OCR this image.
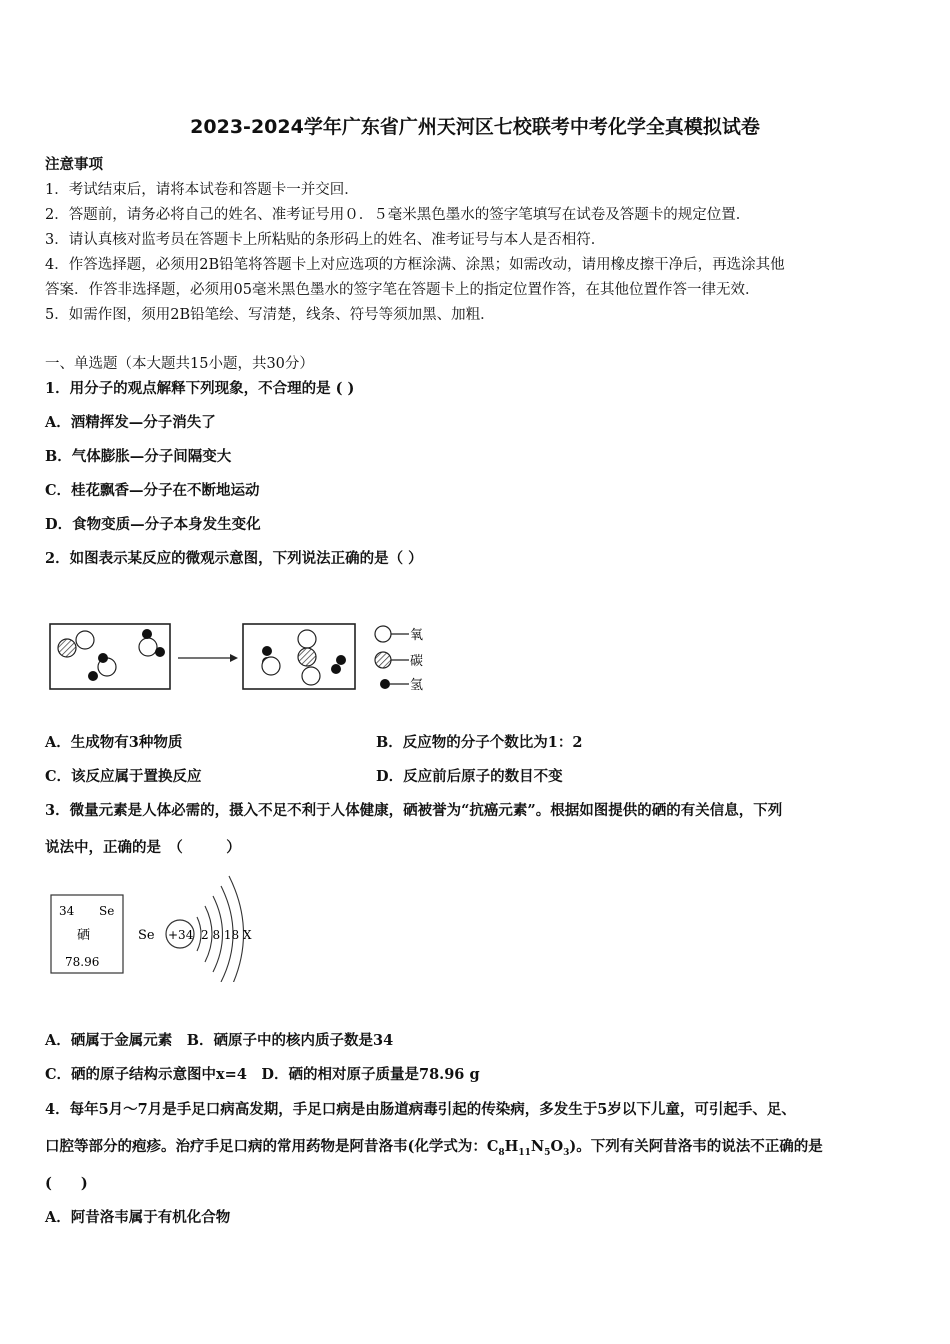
2023-2024学年广东省广州天河区七校联考中考化学全真模拟试卷
注意事项
1．考试结束后，请将本试卷和答题卡一并交回．
2．答题前，请务必将自己的姓名、准考证号用０．５毫米黑色墨水的签字笔填写在试卷及答题卡的规定位置．
3．请认真核对监考员在答题卡上所粘贴的条形码上的姓名、准考证号与本人是否相符．
4．作答选择题，必须用2B铅笔将答题卡上对应选项的方框涂满、涂黑；如需改动，请用橡皮擦干净后，再选涂其他
答案．作答非选择题，必须用05毫米黑色墨水的签字笔在答题卡上的指定位置作答，在其他位置作答一律无效．
5．如需作图，须用2B铅笔绘、写清楚，线条、符号等须加黑、加粗．
一、单选题（本大题共15小题，共30分）
1．用分子的观点解释下列现象，不合理的是 ( )
A．酒精挥发—分子消失了
B．气体膨胀—分子间隔变大
C．桂花飘香—分子在不断地运动
D．食物变质—分子本身发生变化
2．如图表示某反应的微观示意图，下列说法正确的是（ ）
氧
碳
氢
A．生成物有3种物质	B．反应物的分子个数比为1：2
C．该反应属于置换反应	D．反应前后原子的数目不变
3．微量元素是人体必需的，摄入不足不利于人体健康，硒被誉为“抗癌元素”。根据如图提供的硒的有关信息，下列
说法中，正确的是　（　　　）
34 Se
硒
78.96
Se +34 2 8 18 X
A．硒属于金属元素　B．硒原子中的核内质子数是34
C．硒的原子结构示意图中x=4　D．硒的相对原子质量是78.96 g
4．每年5月～7月是手足口病高发期，手足口病是由肠道病毒引起的传染病，多发生于5岁以下儿童，可引起手、足、
口腔等部分的疱疹。治疗手足口病的常用药物是阿昔洛韦(化学式为：$C_8H_{11}N_5O_3$)。下列有关阿昔洛韦的说法不正确的是
(　　)
A．阿昔洛韦属于有机化合物
